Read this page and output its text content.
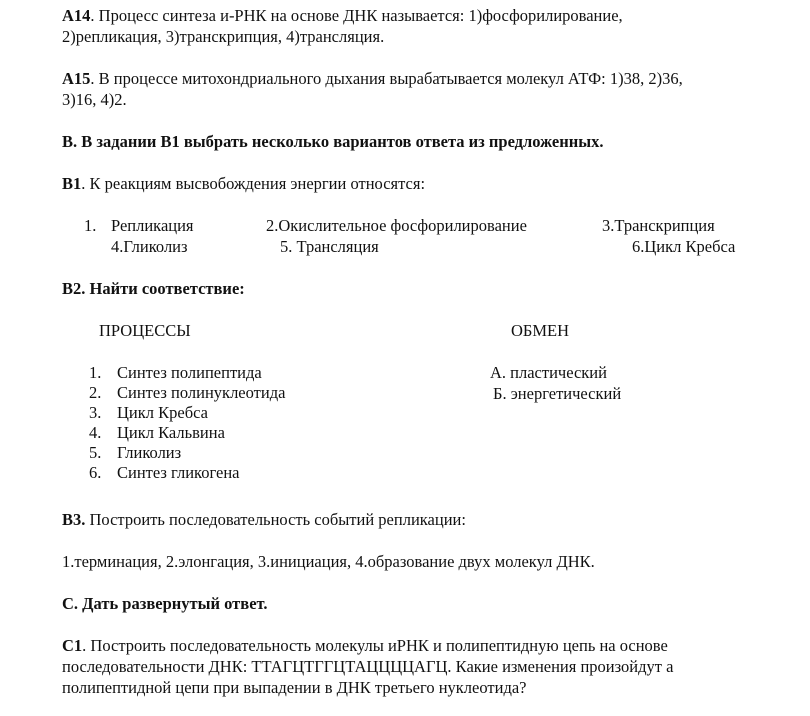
А14. Процесс синтеза и-РНК на основе ДНК называется: 1)фосфорилирование,
2)репликация, 3)транскрипция, 4)трансляция.
А15. В процессе митохондриального дыхания вырабатывается молекул АТФ: 1)38, 2)36,
3)16, 4)2.
В. В задании В1 выбрать несколько вариантов ответа из предложенных.
В1. К реакциям высвобождения энергии относятся:
1. Репликация	2.Окислительное фосфорилирование	3.Транскрипция
4.Гликолиз	5. Трансляция	6.Цикл Кребса
В2. Найти соответствие:
ПРОЦЕССЫ	ОБМЕН
1. Синтез полипептида
2. Синтез полинуклеотида
3. Цикл Кребса
4. Цикл Кальвина
5. Гликолиз
6. Синтез гликогена
А. пластический
Б. энергетический
В3. Построить последовательность событий репликации:
1.терминация, 2.элонгация, 3.инициация, 4.образование двух молекул ДНК.
С. Дать развернутый ответ.
С1. Построить последовательность молекулы иРНК и полипептидную цепь на основе
последовательности ДНК: ТТАГЦТГГЦТАЦЦЦЦАГЦ. Какие изменения произойдут а
полипептидной цепи при выпадении в ДНК третьего нуклеотида?
